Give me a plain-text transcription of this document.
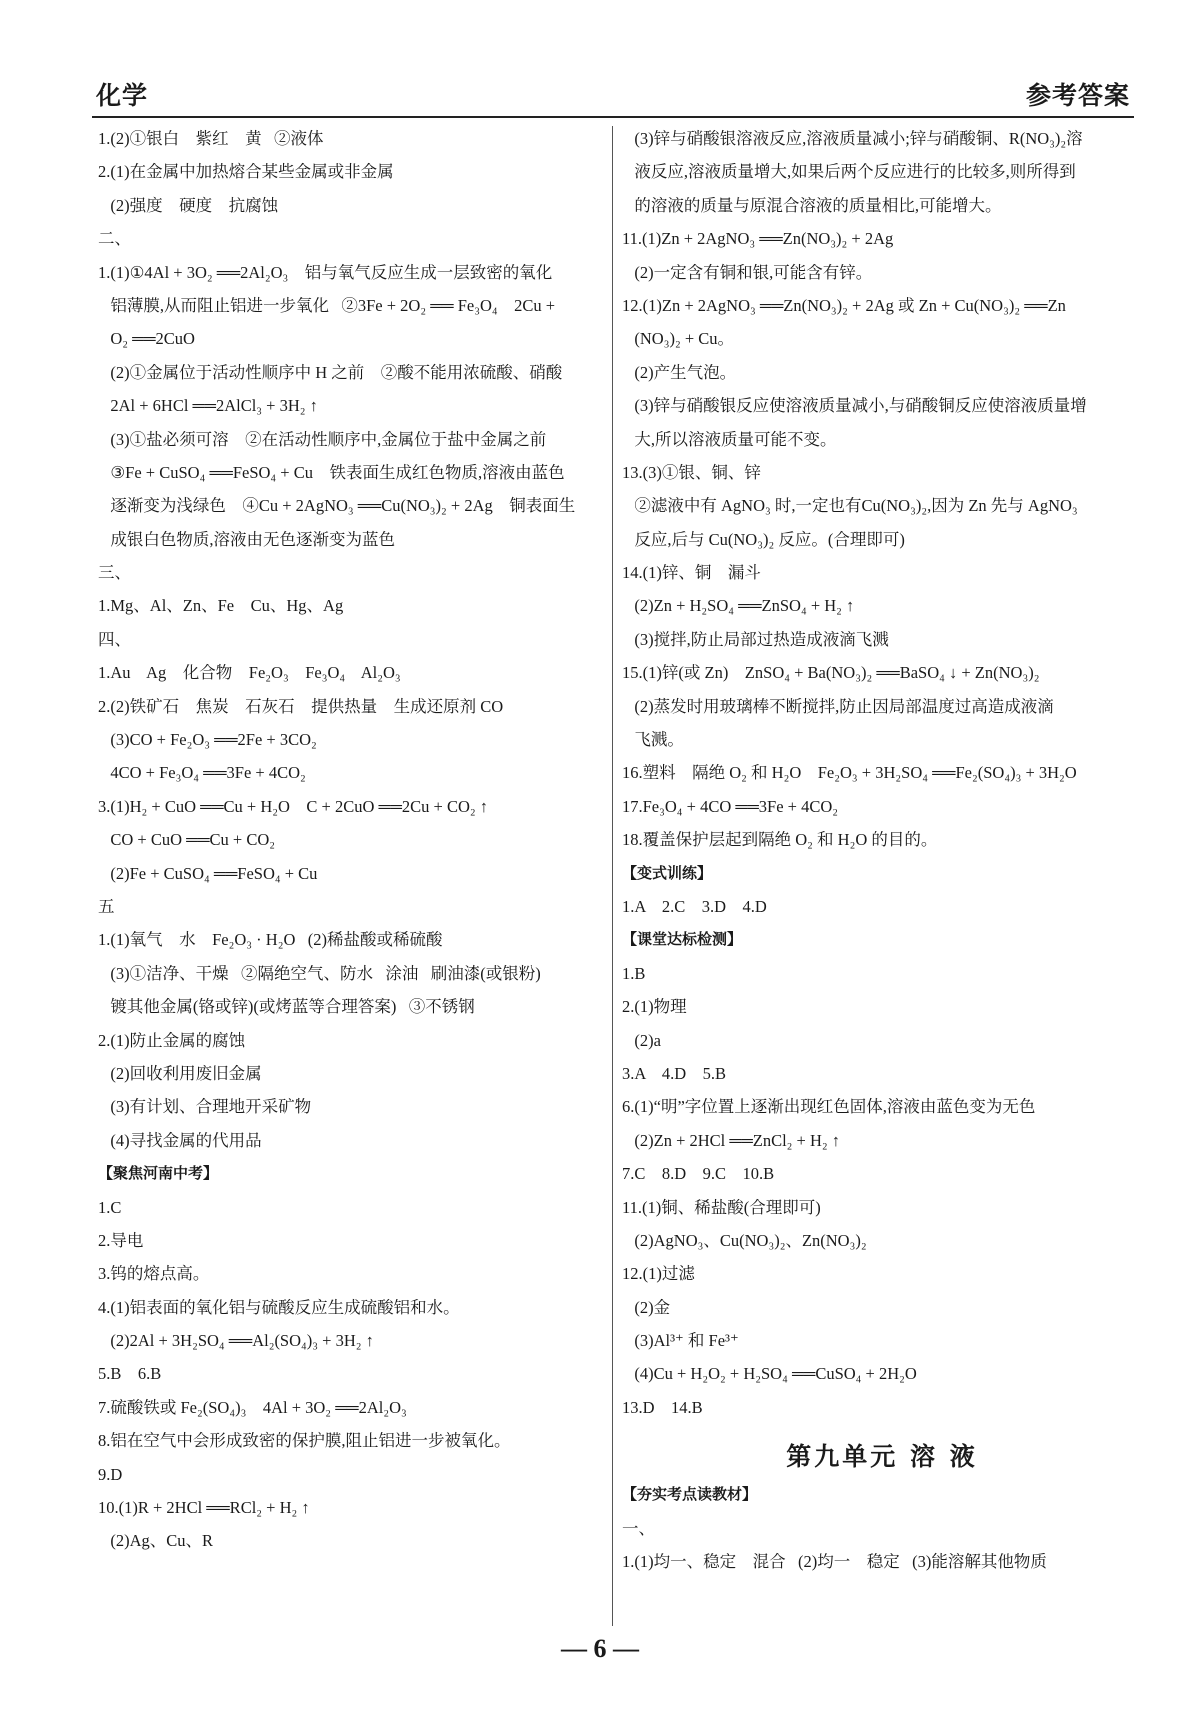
化学	参考答案
1.(2)①银白    紫红    黄   ②液体
2.(1)在金属中加热熔合某些金属或非金属
(2)强度    硬度    抗腐蚀
二、
1.(1)①4Al + 3O₂ ══2Al₂O₃    铝与氧气反应生成一层致密的氧化
铝薄膜,从而阻止铝进一步氧化   ②3Fe + 2O₂ ══ Fe₃O₄    2Cu +
O₂ ══2CuO
(2)①金属位于活动性顺序中 H 之前    ②酸不能用浓硫酸、硝酸
2Al + 6HCl ══2AlCl₃ + 3H₂ ↑
(3)①盐必须可溶    ②在活动性顺序中,金属位于盐中金属之前
③Fe + CuSO₄ ══FeSO₄ + Cu    铁表面生成红色物质,溶液由蓝色
逐渐变为浅绿色    ④Cu + 2AgNO₃ ══Cu(NO₃)₂ + 2Ag    铜表面生
成银白色物质,溶液由无色逐渐变为蓝色
三、
1.Mg、Al、Zn、Fe    Cu、Hg、Ag
四、
1.Au    Ag    化合物    Fe₂O₃    Fe₃O₄    Al₂O₃
2.(2)铁矿石    焦炭    石灰石    提供热量    生成还原剂 CO
(3)CO + Fe₂O₃ ══2Fe + 3CO₂
4CO + Fe₃O₄ ══3Fe + 4CO₂
3.(1)H₂ + CuO ══Cu + H₂O    C + 2CuO ══2Cu + CO₂ ↑
CO + CuO ══Cu + CO₂
(2)Fe + CuSO₄ ══FeSO₄ + Cu
五
1.(1)氧气    水    Fe₂O₃ · H₂O   (2)稀盐酸或稀硫酸
(3)①洁净、干燥   ②隔绝空气、防水   涂油   刷油漆(或银粉)
镀其他金属(铬或锌)(或烤蓝等合理答案)   ③不锈钢
2.(1)防止金属的腐蚀
(2)回收利用废旧金属
(3)有计划、合理地开采矿物
(4)寻找金属的代用品
【聚焦河南中考】
1.C
2.导电
3.钨的熔点高。
4.(1)铝表面的氧化铝与硫酸反应生成硫酸铝和水。
(2)2Al + 3H₂SO₄ ══Al₂(SO₄)₃ + 3H₂ ↑
5.B    6.B
7.硫酸铁或 Fe₂(SO₄)₃    4Al + 3O₂ ══2Al₂O₃
8.铝在空气中会形成致密的保护膜,阻止铝进一步被氧化。
9.D
10.(1)R + 2HCl ══RCl₂ + H₂ ↑
(2)Ag、Cu、R
(3)锌与硝酸银溶液反应,溶液质量减小;锌与硝酸铜、R(NO₃)₂溶
液反应,溶液质量增大,如果后两个反应进行的比较多,则所得到
的溶液的质量与原混合溶液的质量相比,可能增大。
11.(1)Zn + 2AgNO₃ ══Zn(NO₃)₂ + 2Ag
(2)一定含有铜和银,可能含有锌。
12.(1)Zn + 2AgNO₃ ══Zn(NO₃)₂ + 2Ag 或 Zn + Cu(NO₃)₂ ══Zn
(NO₃)₂ + Cu。
(2)产生气泡。
(3)锌与硝酸银反应使溶液质量减小,与硝酸铜反应使溶液质量增
大,所以溶液质量可能不变。
13.(3)①银、铜、锌
②滤液中有 AgNO₃ 时,一定也有Cu(NO₃)₂,因为 Zn 先与 AgNO₃
反应,后与 Cu(NO₃)₂ 反应。(合理即可)
14.(1)锌、铜    漏斗
(2)Zn + H₂SO₄ ══ZnSO₄ + H₂ ↑
(3)搅拌,防止局部过热造成液滴飞溅
15.(1)锌(或 Zn)    ZnSO₄ + Ba(NO₃)₂ ══BaSO₄ ↓ + Zn(NO₃)₂
(2)蒸发时用玻璃棒不断搅拌,防止因局部温度过高造成液滴
飞溅。
16.塑料    隔绝 O₂ 和 H₂O    Fe₂O₃ + 3H₂SO₄ ══Fe₂(SO₄)₃ + 3H₂O
17.Fe₃O₄ + 4CO ══3Fe + 4CO₂
18.覆盖保护层起到隔绝 O₂ 和 H₂O 的目的。
【变式训练】
1.A    2.C    3.D    4.D
【课堂达标检测】
1.B
2.(1)物理
(2)a
3.A    4.D    5.B
6.(1)“明”字位置上逐渐出现红色固体,溶液由蓝色变为无色
(2)Zn + 2HCl ══ZnCl₂ + H₂ ↑
7.C    8.D    9.C    10.B
11.(1)铜、稀盐酸(合理即可)
(2)AgNO₃、Cu(NO₃)₂、Zn(NO₃)₂
12.(1)过滤
(2)金
(3)Al³⁺ 和 Fe³⁺
(4)Cu + H₂O₂ + H₂SO₄ ══CuSO₄ + 2H₂O
13.D    14.B
第九单元 溶 液
【夯实考点读教材】
一、
1.(1)均一、稳定    混合   (2)均一    稳定   (3)能溶解其他物质
— 6 —
